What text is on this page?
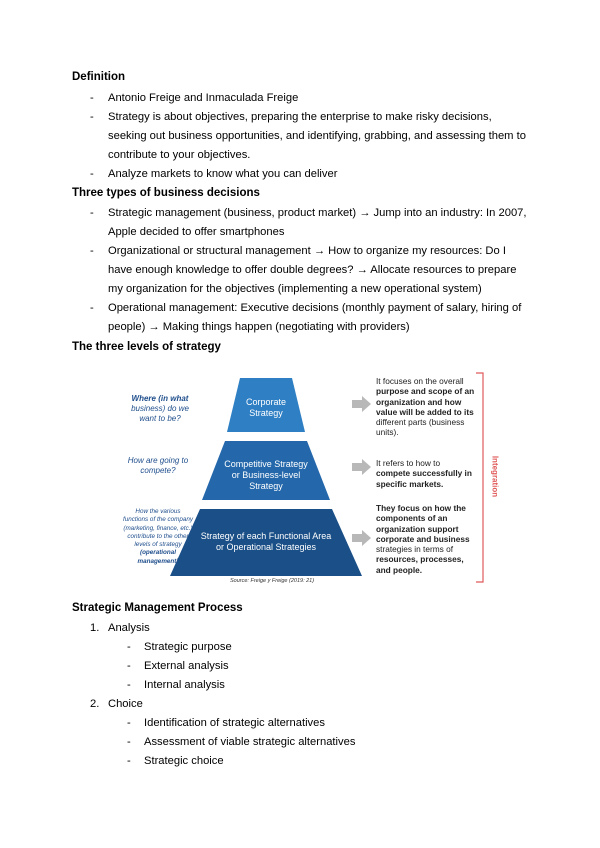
Definition
- Antonio Freige and Inmaculada Freige
- Strategy is about objectives, preparing the enterprise to make risky decisions,
seeking out business opportunities, and identifying, grabbing, and assessing them to
contribute to your objectives.
- Analyze markets to know what you can deliver
Three types of business decisions
- Strategic management (business, product market) → Jump into an industry: In 2007,
Apple decided to offer smartphones
- Organizational or structural management → How to organize my resources: Do I
have enough knowledge to offer double degrees? → Allocate resources to prepare
my organization for the objectives (implementing a new operational system)
- Operational management: Executive decisions (monthly payment of salary, hiring of
people) → Making things happen (negotiating with providers)
The three levels of strategy
Where (in what
business) do we
want to be?
How are going to
compete?
How the various
functions of the company
(marketing, finance, etc.)
contribute to the other
levels of strategy
(operational
management)
Corporate
Strategy
Competitive Strategy
or Business-level
Strategy
Strategy of each Functional Area
or Operational Strategies
It focuses on the overall
purpose and scope of an
organization and how
value will be added to its
different parts (business
units).
It refers to how to
compete successfully in
specific markets.
They focus on how the
components of an
organization support
corporate and business
strategies in terms of
resources, processes,
and people.
Integration
Source: Freige y Freige (2019: 21)
Strategic Management Process
1. Analysis
- Strategic purpose
- External analysis
- Internal analysis
2. Choice
- Identification of strategic alternatives
- Assessment of viable strategic alternatives
- Strategic choice
